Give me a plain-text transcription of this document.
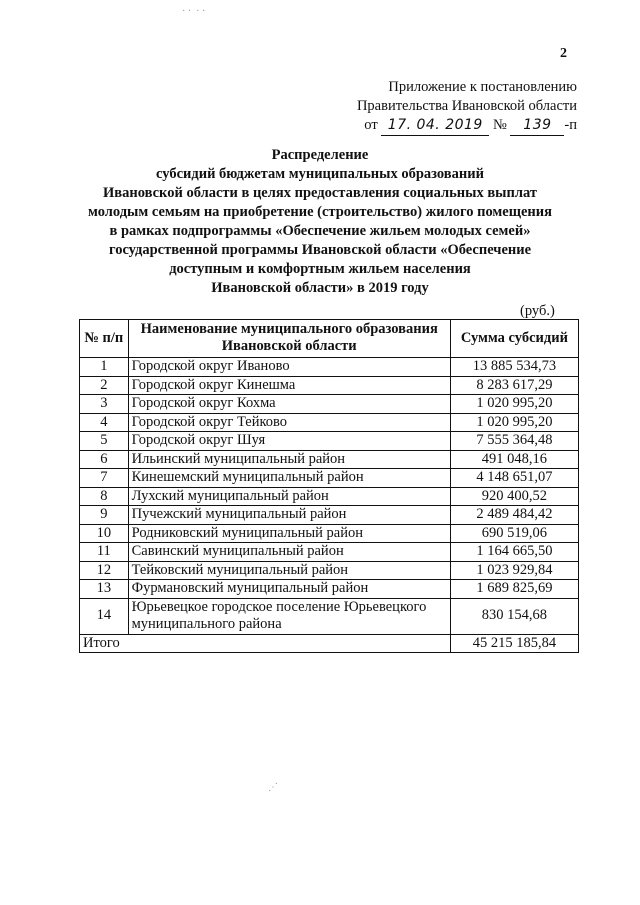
· ·  · ·
⋰
2
Приложение к постановлению
Правительства Ивановской области
от
17. 04. 2019
№
	139 -п
Распределение
субсидий бюджетам муниципальных образований
Ивановской области в целях предоставления социальных выплат
молодым семьям на приобретение (строительство) жилого помещения
в рамках подпрограммы «Обеспечение жильем молодых семей»
государственной программы Ивановской области «Обеспечение
доступным и комфортным жильем населения
Ивановской области» в 2019 году
(руб.)
№ п/п	Наименование муниципального образования Ивановской области	Сумма субсидий
1	Городской округ Иваново	13 885 534,73
2	Городской округ Кинешма	8 283 617,29
3	Городской округ Кохма	1 020 995,20
4	Городской округ Тейково	1 020 995,20
5	Городской округ Шуя	7 555 364,48
6	Ильинский муниципальный район	491 048,16
7	Кинешемский муниципальный район	4 148 651,07
8	Лухский муниципальный район	920 400,52
9	Пучежский муниципальный район	2 489 484,42
10	Родниковский муниципальный район	690 519,06
11	Савинский муниципальный район	1 164 665,50
12	Тейковский муниципальный район	1 023 929,84
13	Фурмановский муниципальный район	1 689 825,69
14	Юрьевецкое городское поселение Юрьевецкого муниципального района	830 154,68
Итого		45 215 185,84
